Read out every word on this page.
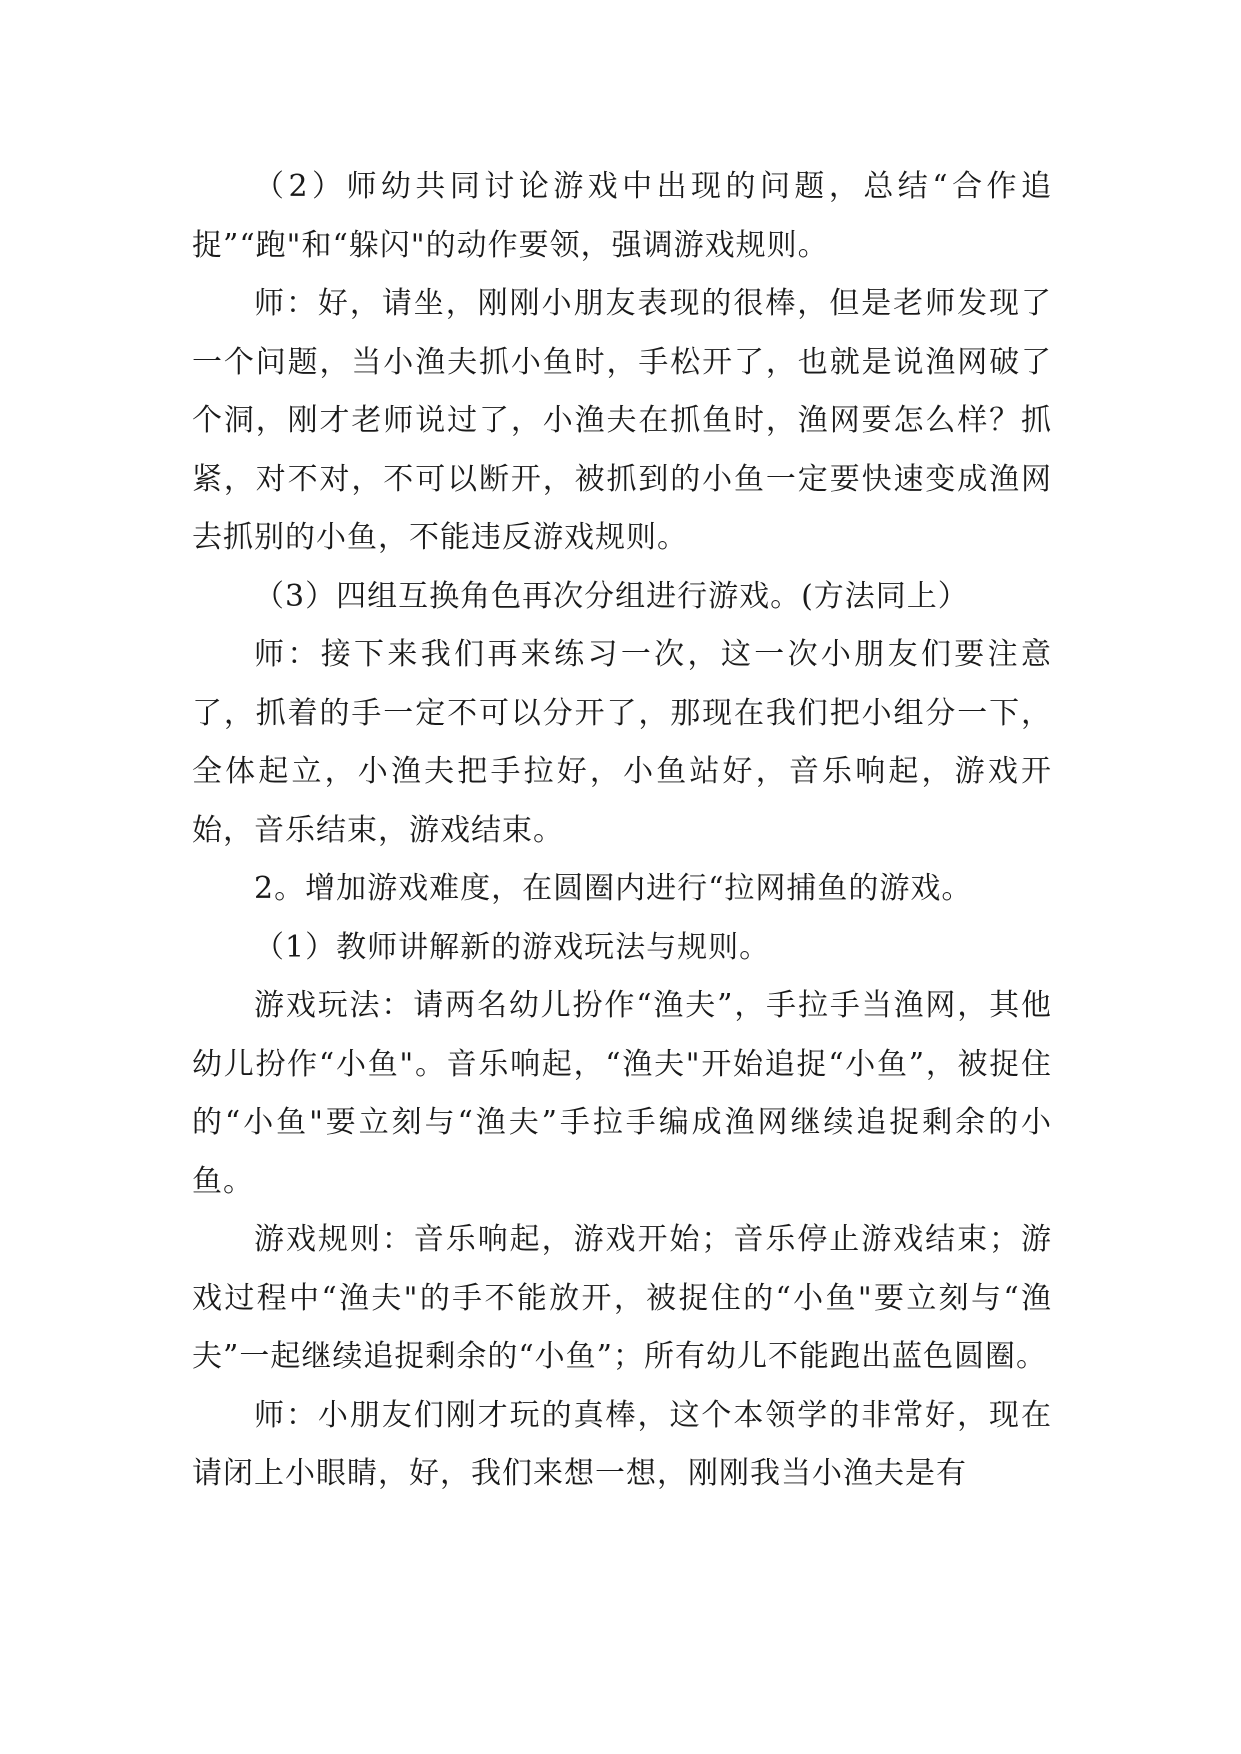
（2）师幼共同讨论游戏中出现的问题，总结“合作追捉”“跑"和“躲闪"的动作要领，强调游戏规则。

师：好，请坐，刚刚小朋友表现的很棒，但是老师发现了一个问题，当小渔夫抓小鱼时，手松开了，也就是说渔网破了个洞，刚才老师说过了，小渔夫在抓鱼时，渔网要怎么样？抓紧，对不对，不可以断开，被抓到的小鱼一定要快速变成渔网去抓别的小鱼，不能违反游戏规则。

（3）四组互换角色再次分组进行游戏。(方法同上）

师：接下来我们再来练习一次，这一次小朋友们要注意了，抓着的手一定不可以分开了，那现在我们把小组分一下，全体起立，小渔夫把手拉好，小鱼站好，音乐响起，游戏开始，音乐结束，游戏结束。

2。增加游戏难度，在圆圈内进行“拉网捕鱼的游戏。

（1）教师讲解新的游戏玩法与规则。

游戏玩法：请两名幼儿扮作“渔夫”，手拉手当渔网，其他幼儿扮作“小鱼"。音乐响起，“渔夫"开始追捉“小鱼”，被捉住的“小鱼"要立刻与“渔夫”手拉手编成渔网继续追捉剩余的小鱼。

游戏规则：音乐响起，游戏开始；音乐停止游戏结束；游戏过程中“渔夫"的手不能放开，被捉住的“小鱼"要立刻与“渔夫”一起继续追捉剩余的“小鱼”；所有幼儿不能跑出蓝色圆圈。

师：小朋友们刚才玩的真棒，这个本领学的非常好，现在请闭上小眼睛，好，我们来想一想，刚刚我当小渔夫是有
